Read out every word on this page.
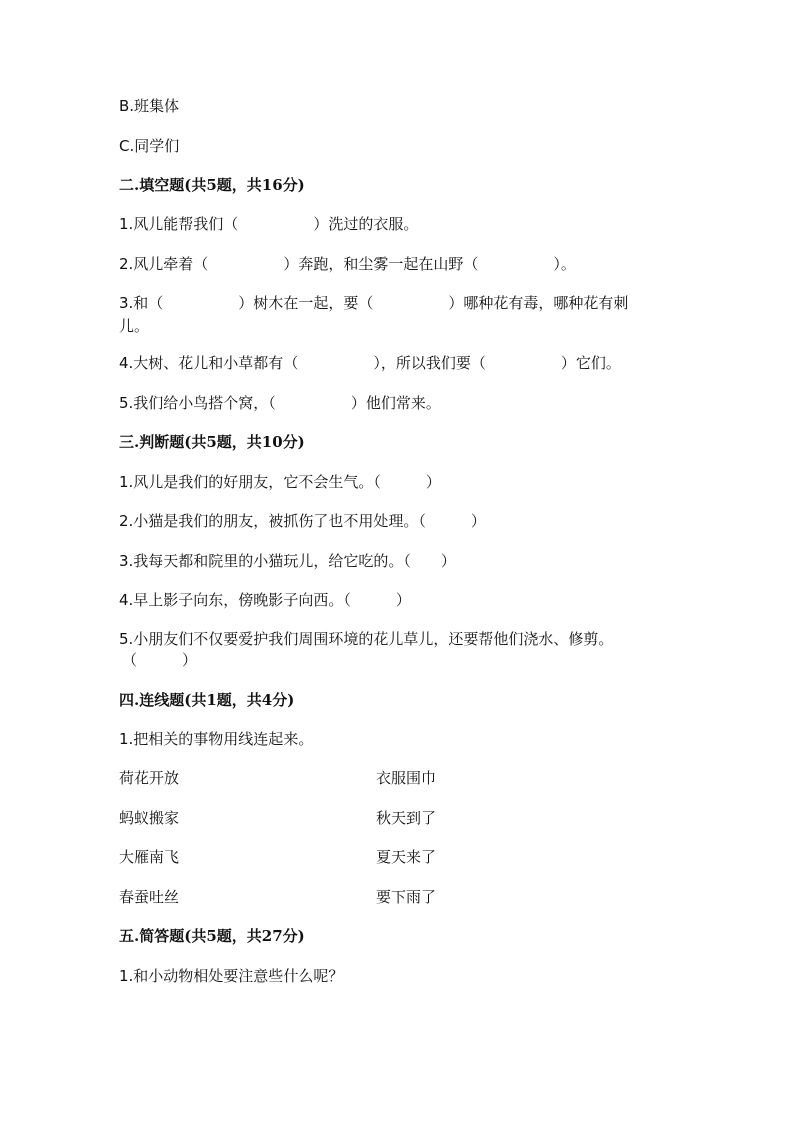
B.班集体
C.同学们
二.填空题(共5题，共16分)
1.风儿能帮我们（　　　　　）洗过的衣服。
2.风儿牵着（　　　　　）奔跑，和尘雾一起在山野（　　　　　）。
3.和（　　　　　）树木在一起，要（　　　　　）哪种花有毒，哪种花有刺
儿。
4.大树、花儿和小草都有（　　　　　），所以我们要（　　　　　）它们。
5.我们给小鸟搭个窝，（　　　　　）他们常来。
三.判断题(共5题，共10分)
1.风儿是我们的好朋友，它不会生气。（　　　）
2.小猫是我们的朋友，被抓伤了也不用处理。（　　　）
3.我每天都和院里的小猫玩儿，给它吃的。（　　）
4.早上影子向东，傍晚影子向西。（　　　）
5.小朋友们不仅要爱护我们周围环境的花儿草儿，还要帮他们浇水、修剪。
（　　　）
四.连线题(共1题，共4分)
1.把相关的事物用线连起来。
荷花开放	衣服围巾
蚂蚁搬家	秋天到了
大雁南飞	夏天来了
春蚕吐丝	要下雨了
五.简答题(共5题，共27分)
1.和小动物相处要注意些什么呢？
